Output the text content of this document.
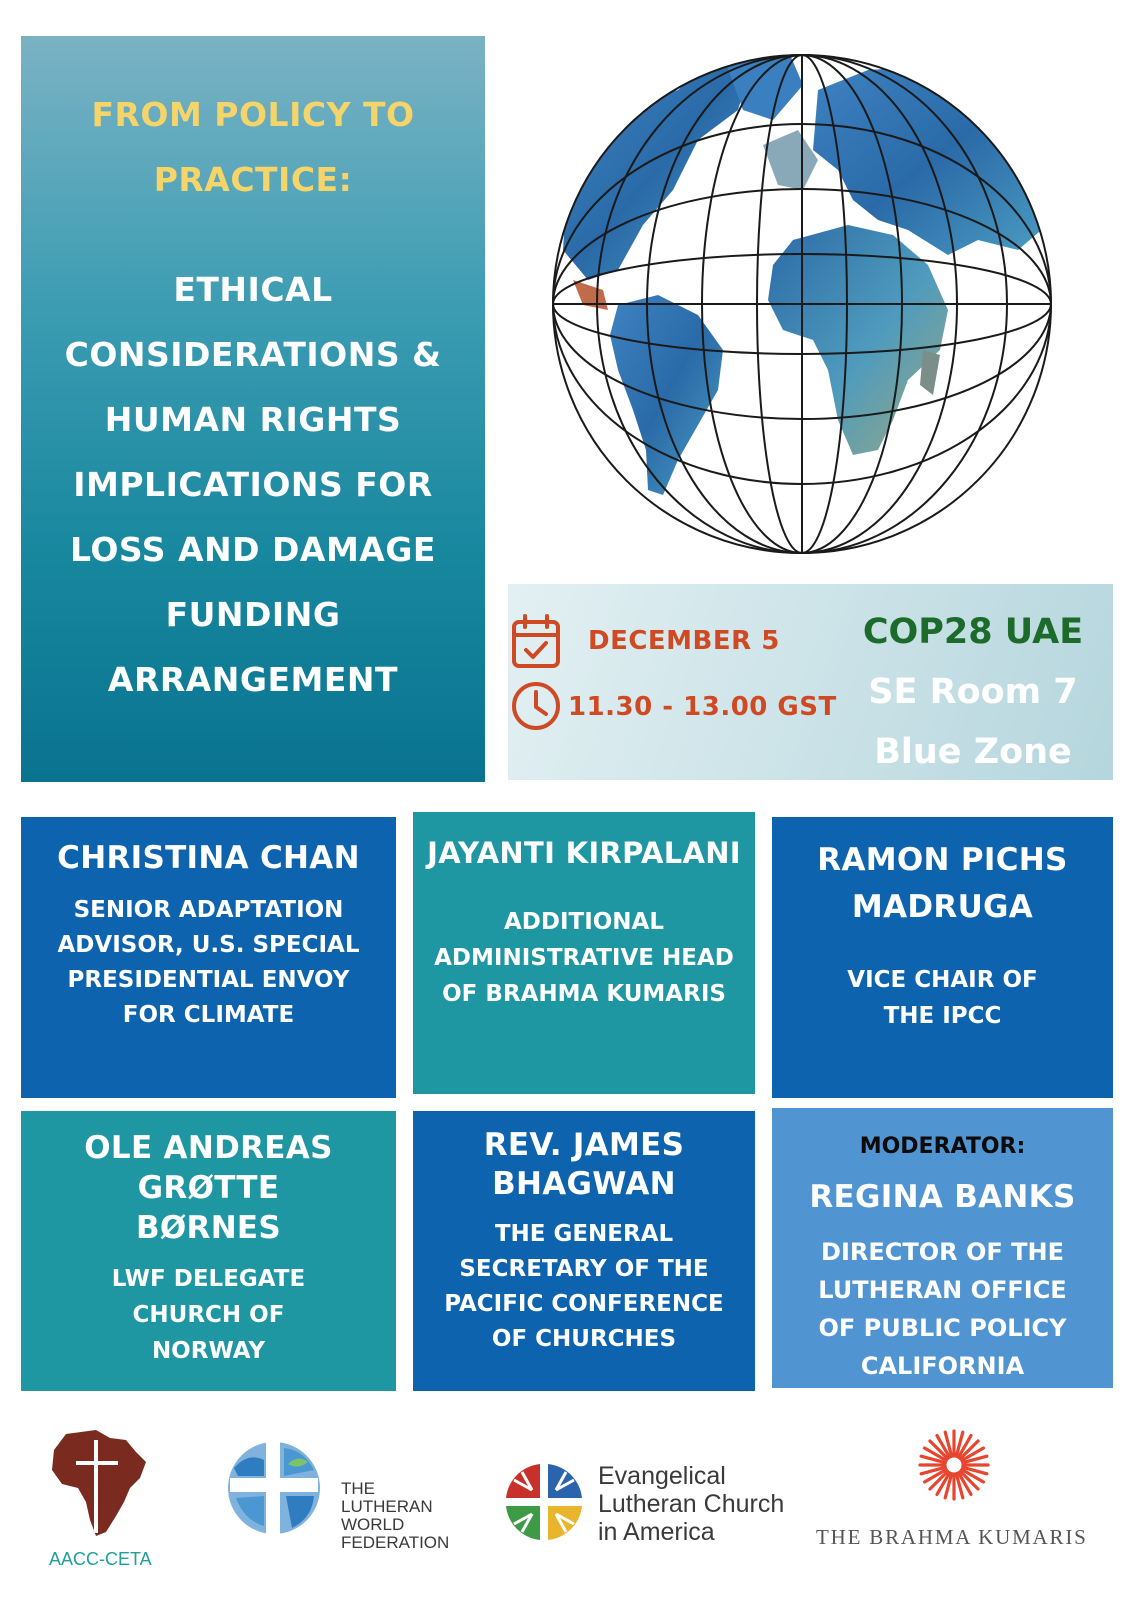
FROM POLICY TO PRACTICE:
ETHICAL CONSIDERATIONS & HUMAN RIGHTS IMPLICATIONS FOR LOSS AND DAMAGE FUNDING ARRANGEMENT
DECEMBER 5
11.30 - 13.00 GST
COP28 UAE
SE Room 7
Blue Zone
CHRISTINA CHAN
SENIOR ADAPTATION ADVISOR, U.S. SPECIAL PRESIDENTIAL ENVOY FOR CLIMATE
JAYANTI KIRPALANI
ADDITIONAL ADMINISTRATIVE HEAD OF BRAHMA KUMARIS
RAMON PICHS MADRUGA
VICE CHAIR OF THE IPCC
OLE ANDREAS GRØTTE BØRNES
LWF DELEGATE CHURCH OF NORWAY
REV. JAMES BHAGWAN
THE GENERAL SECRETARY OF THE PACIFIC CONFERENCE OF CHURCHES
MODERATOR:
REGINA BANKS
DIRECTOR OF THE LUTHERAN OFFICE OF PUBLIC POLICY CALIFORNIA
AACC-CETA
THE
LUTHERAN
WORLD
FEDERATION
Evangelical
Lutheran Church
in America	THE BRAHMA KUMARIS
